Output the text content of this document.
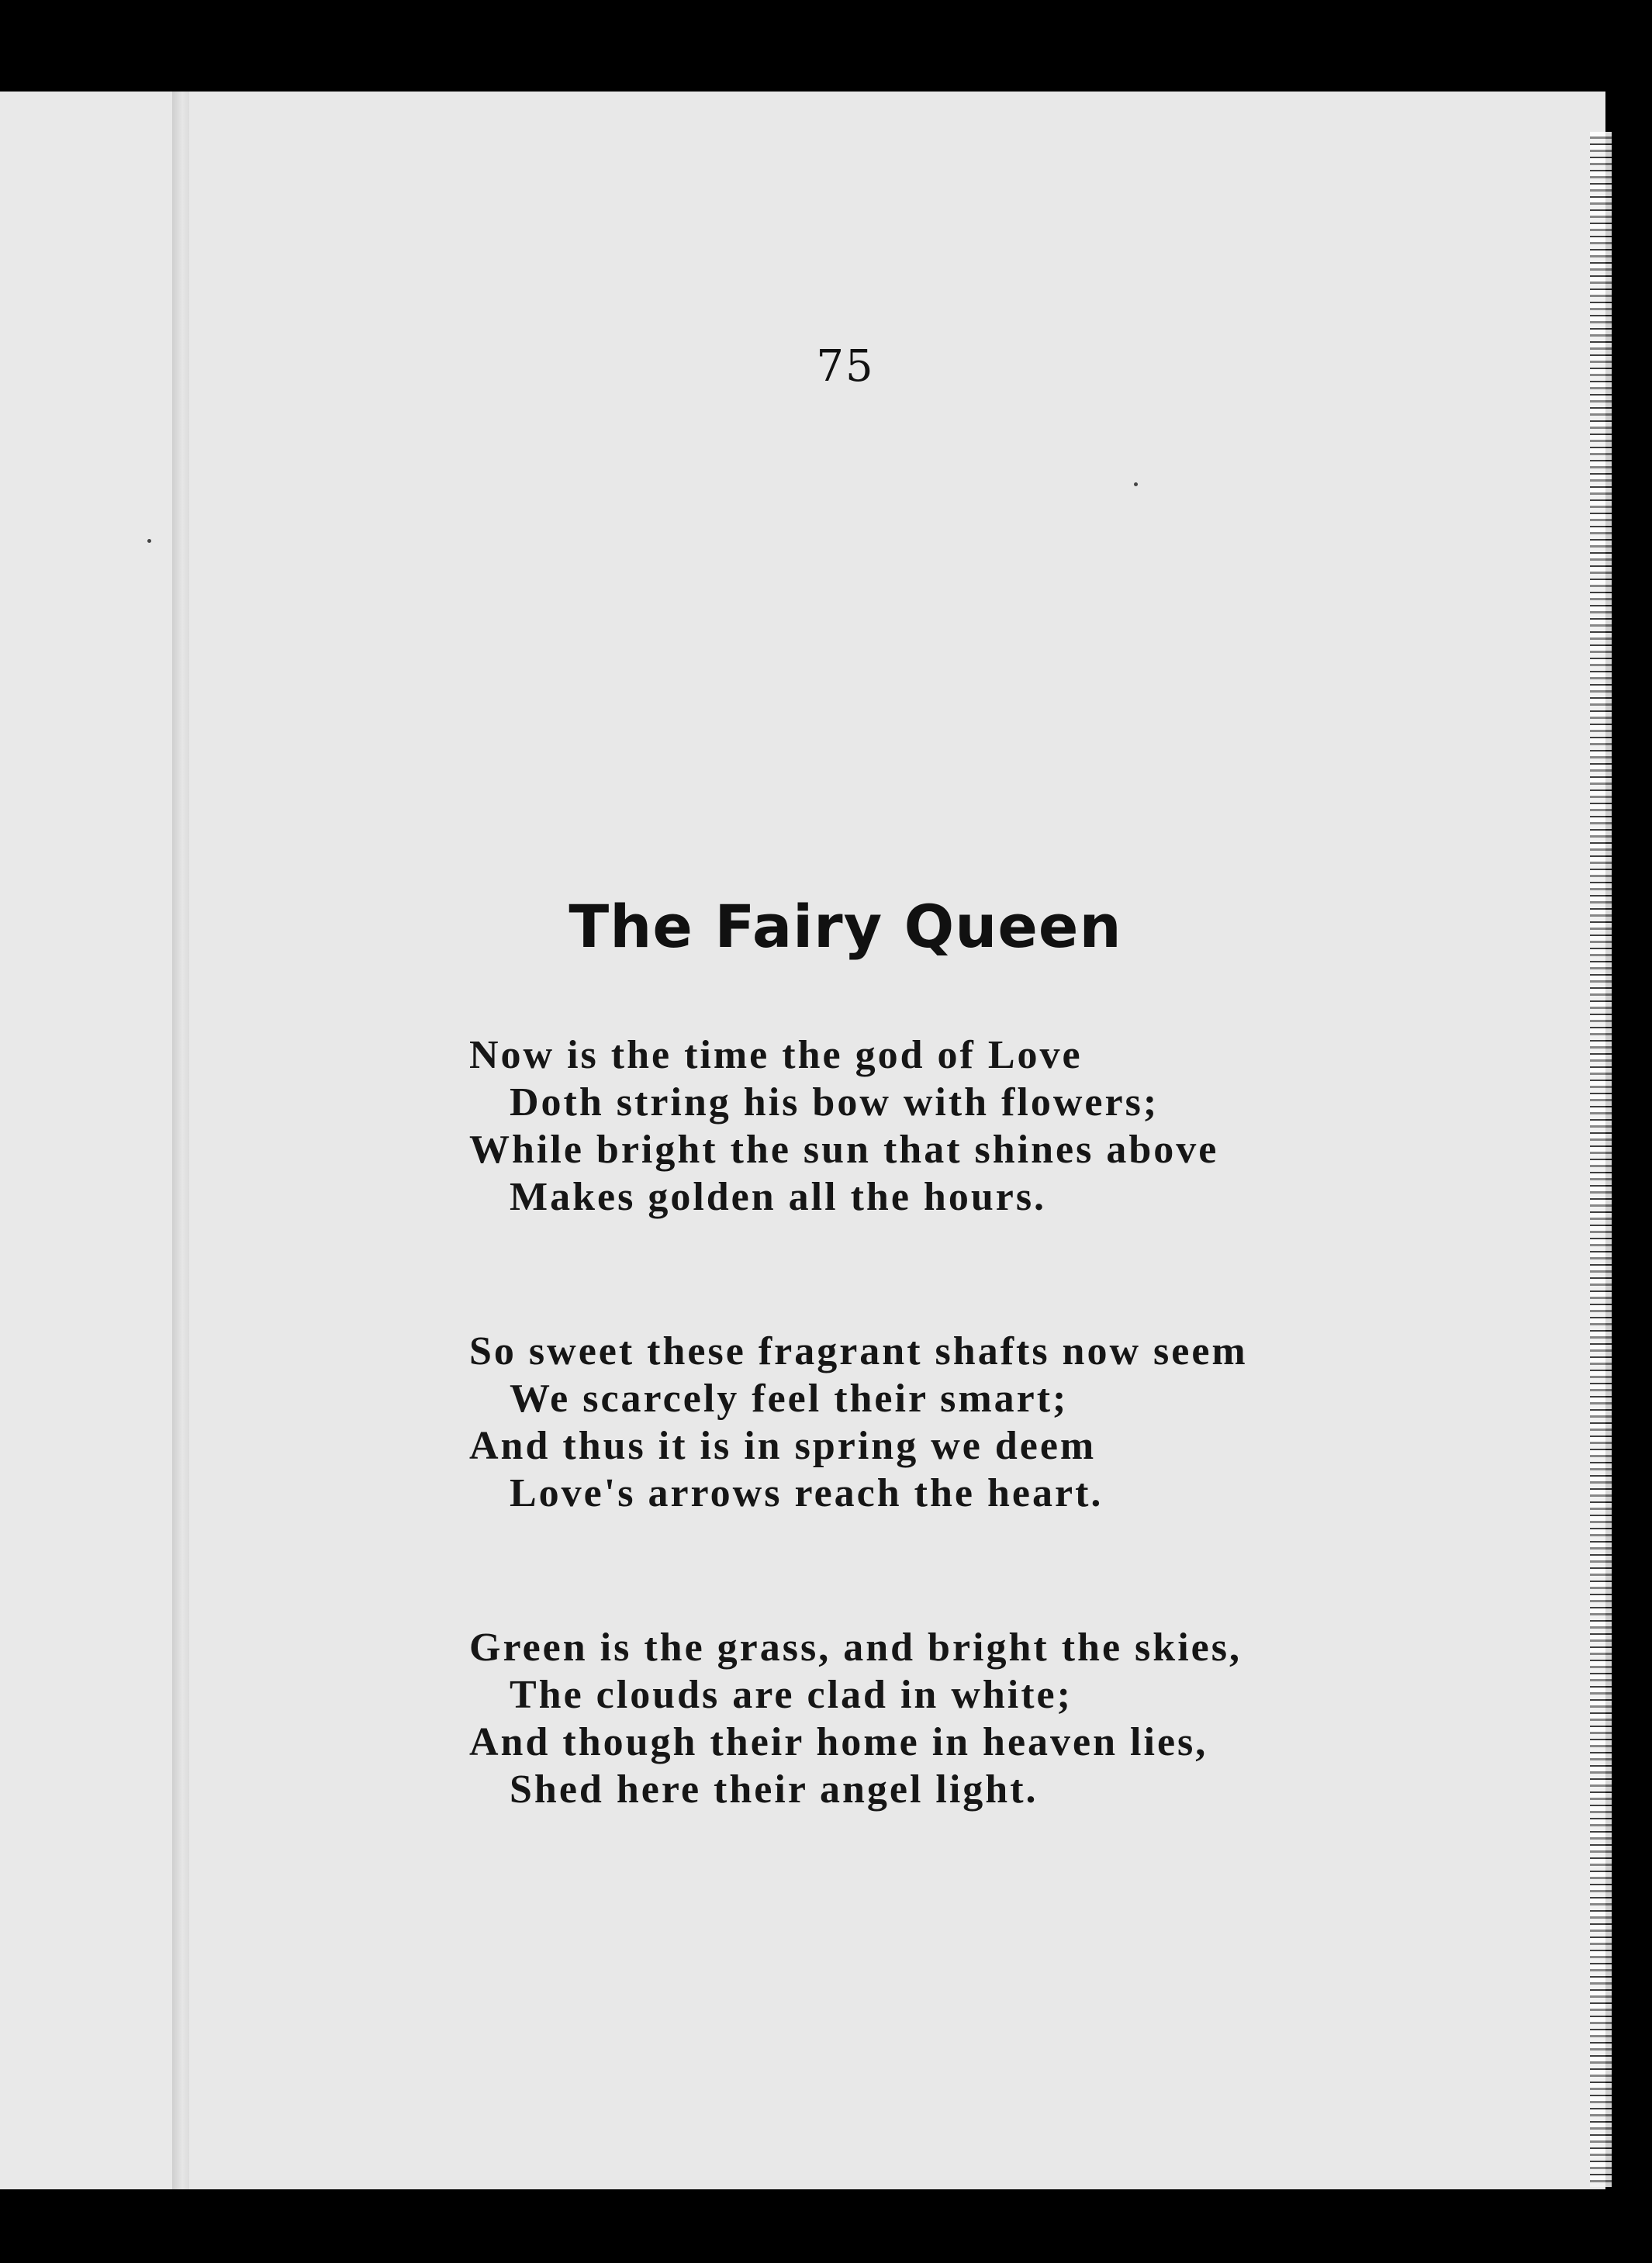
75
The Fairy Queen
Now is the time the god of Love
Doth string his bow with flowers;
While bright the sun that shines above
Makes golden all the hours.
So sweet these fragrant shafts now seem
We scarcely feel their smart;
And thus it is in spring we deem
Love's arrows reach the heart.
Green is the grass, and bright the skies,
The clouds are clad in white;
And though their home in heaven lies,
Shed here their angel light.
